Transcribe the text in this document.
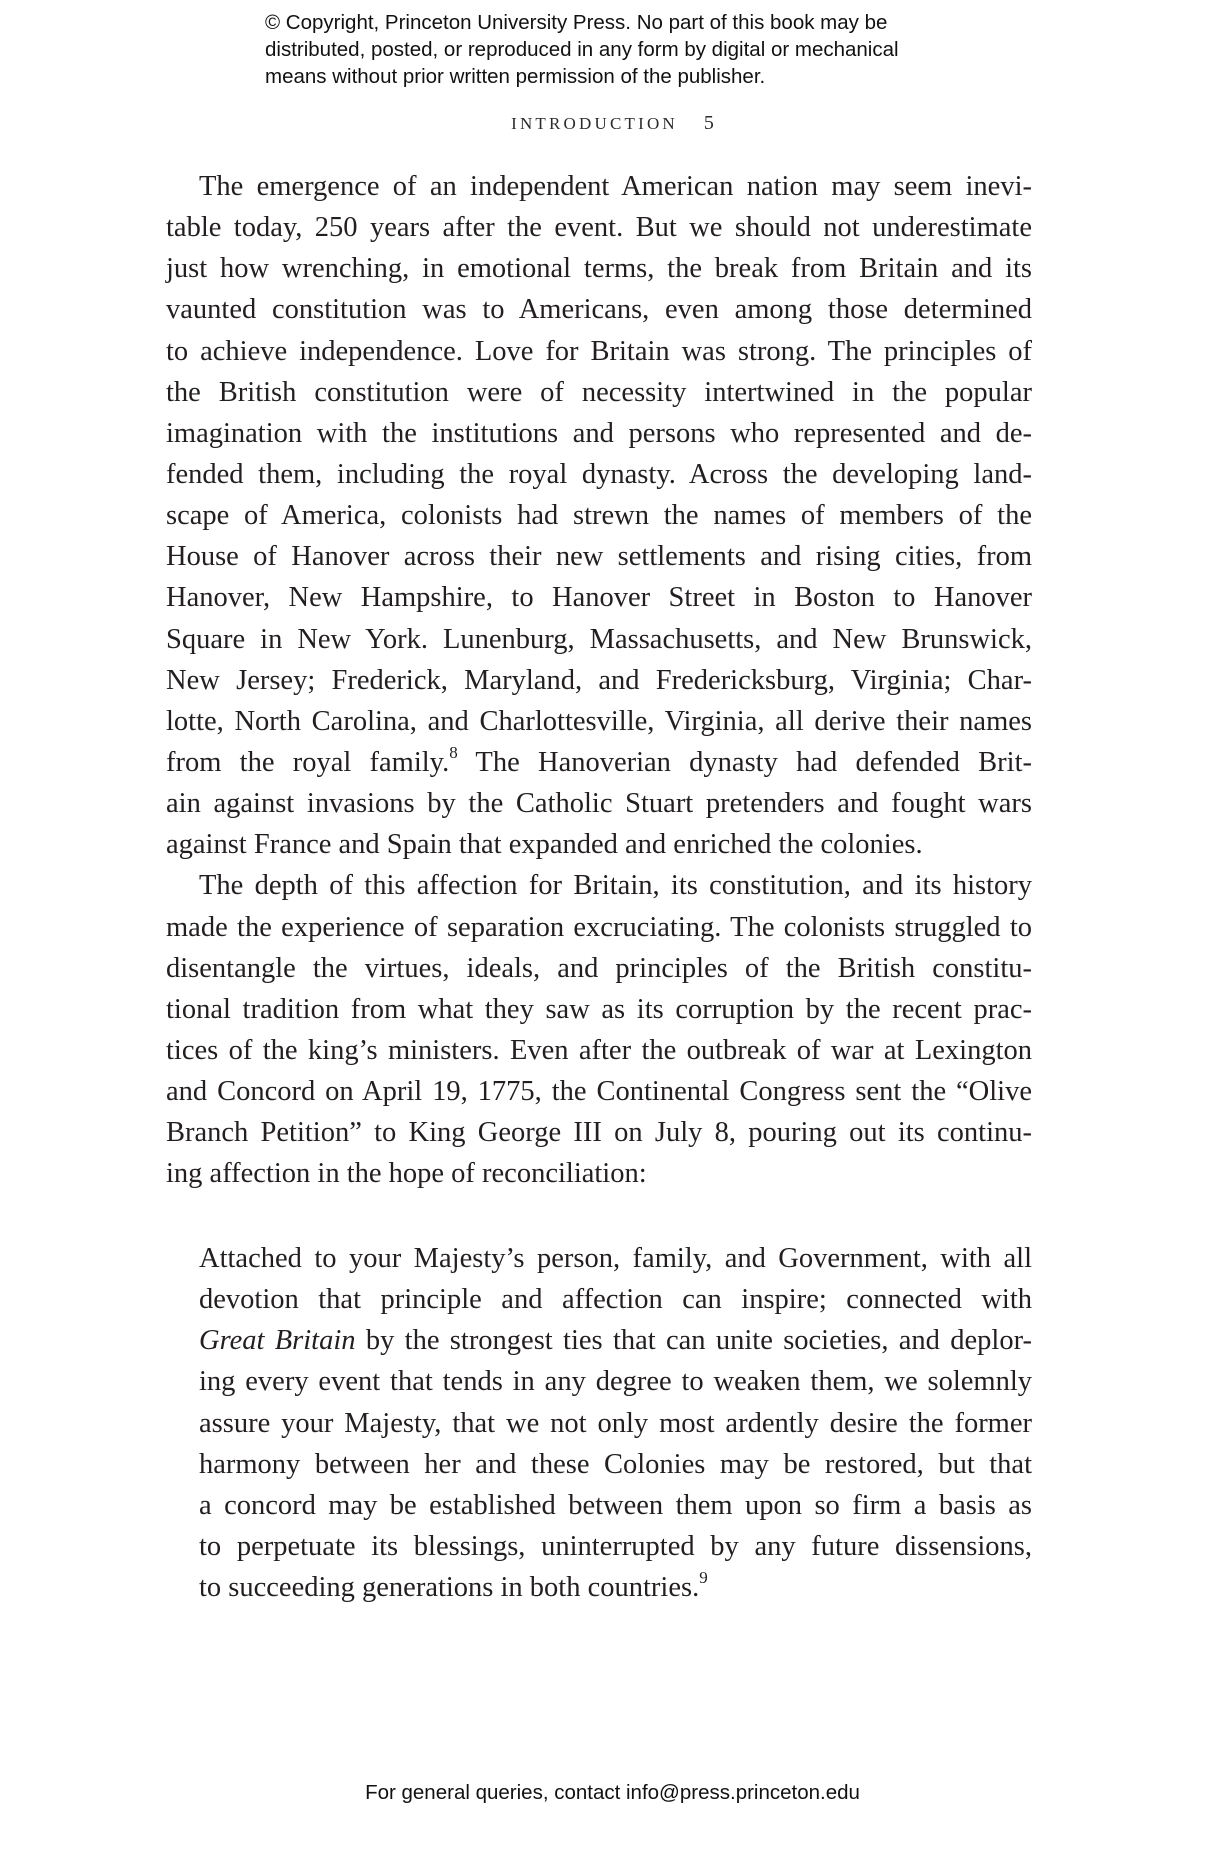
© Copyright, Princeton University Press. No part of this book may be
distributed, posted, or reproduced in any form by digital or mechanical
means without prior written permission of the publisher.
INTRODUCTION 5
The emergence of an independent American nation may seem inevi-
table today, 250 years after the event. But we should not underestimate
just how wrenching, in emotional terms, the break from Britain and its
vaunted constitution was to Americans, even among those determined
to achieve independence. Love for Britain was strong. The principles of
the British constitution were of necessity intertwined in the popular
imagination with the institutions and persons who represented and de-
fended them, including the royal dynasty. Across the developing land-
scape of America, colonists had strewn the names of members of the
House of Hanover across their new settlements and rising cities, from
Hanover, New Hampshire, to Hanover Street in Boston to Hanover
Square in New York. Lunenburg, Massachusetts, and New Brunswick,
New Jersey; Frederick, Maryland, and Fredericksburg, Virginia; Char-
lotte, North Carolina, and Charlottesville, Virginia, all derive their names
from the royal family.$^8$ The Hanoverian dynasty had defended Brit-
ain against invasions by the Catholic Stuart pretenders and fought wars
against France and Spain that expanded and enriched the colonies.
The depth of this affection for Britain, its constitution, and its history
made the experience of separation excruciating. The colonists struggled to
disentangle the virtues, ideals, and principles of the British constitu-
tional tradition from what they saw as its corruption by the recent prac-
tices of the king’s ministers. Even after the outbreak of war at Lexington
and Concord on April 19, 1775, the Continental Congress sent the “Olive
Branch Petition” to King George III on July 8, pouring out its continu-
ing affection in the hope of reconciliation:
Attached to your Majesty’s person, family, and Government, with all
devotion that principle and affection can inspire; connected with
Great Britain by the strongest ties that can unite societies, and deplor-
ing every event that tends in any degree to weaken them, we solemnly
assure your Majesty, that we not only most ardently desire the former
harmony between her and these Colonies may be restored, but that
a concord may be established between them upon so firm a basis as
to perpetuate its blessings, uninterrupted by any future dissensions,
to succeeding generations in both countries.$^9$
For general queries, contact info@press.princeton.edu
